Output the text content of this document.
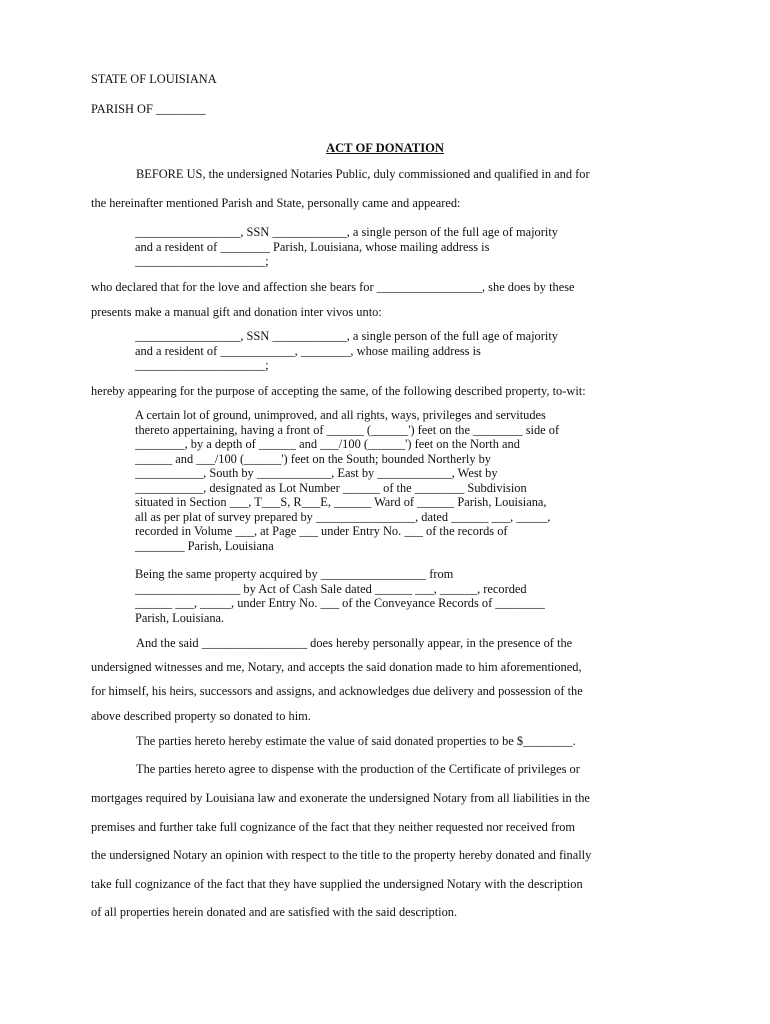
STATE OF LOUISIANA
PARISH OF ________
ACT OF DONATION
BEFORE US, the undersigned Notaries Public, duly commissioned and qualified in and for
the hereinafter mentioned Parish and State, personally came and appeared:
_________________, SSN ____________, a single person of the full age of majority
and a resident of ________ Parish, Louisiana, whose mailing address is
_____________________;
who declared that for the love and affection she bears for _________________, she does by these
presents make a manual gift and donation inter vivos unto:
_________________, SSN ____________, a single person of the full age of majority
and a resident of ____________, ________, whose mailing address is
_____________________;
hereby appearing for the purpose of accepting the same, of the following described property, to-wit:
A certain lot of ground, unimproved, and all rights, ways, privileges and servitudes
thereto appertaining, having a front of ______ (______') feet on the ________ side of
________, by a depth of ______ and ___/100 (______') feet on the North and
______ and ___/100 (______') feet on the South; bounded Northerly by
___________, South by ____________, East by ____________, West by
___________, designated as Lot Number ______ of the ________ Subdivision
situated in Section ___, T___S, R___E, ______ Ward of ______ Parish, Louisiana,
all as per plat of survey prepared by ________________, dated ______ ___, _____,
recorded in Volume ___, at Page ___ under Entry No. ___ of the records of
________ Parish, Louisiana
Being the same property acquired by _________________ from
_________________ by Act of Cash Sale dated ______ ___, ______, recorded
______ ___, _____, under Entry No. ___ of the Conveyance Records of ________
Parish, Louisiana.
And the said _________________ does hereby personally appear, in the presence of the
undersigned witnesses and me, Notary, and accepts the said donation made to him aforementioned,
for himself, his heirs, successors and assigns, and acknowledges due delivery and possession of the
above described property so donated to him.
The parties hereto hereby estimate the value of said donated properties to be $________.
The parties hereto agree to dispense with the production of the Certificate of privileges or
mortgages required by Louisiana law and exonerate the undersigned Notary from all liabilities in the
premises and further take full cognizance of the fact that they neither requested nor received from
the undersigned Notary an opinion with respect to the title to the property hereby donated and finally
take full cognizance of the fact that they have supplied the undersigned Notary with the description
of all properties herein donated and are satisfied with the said description.
